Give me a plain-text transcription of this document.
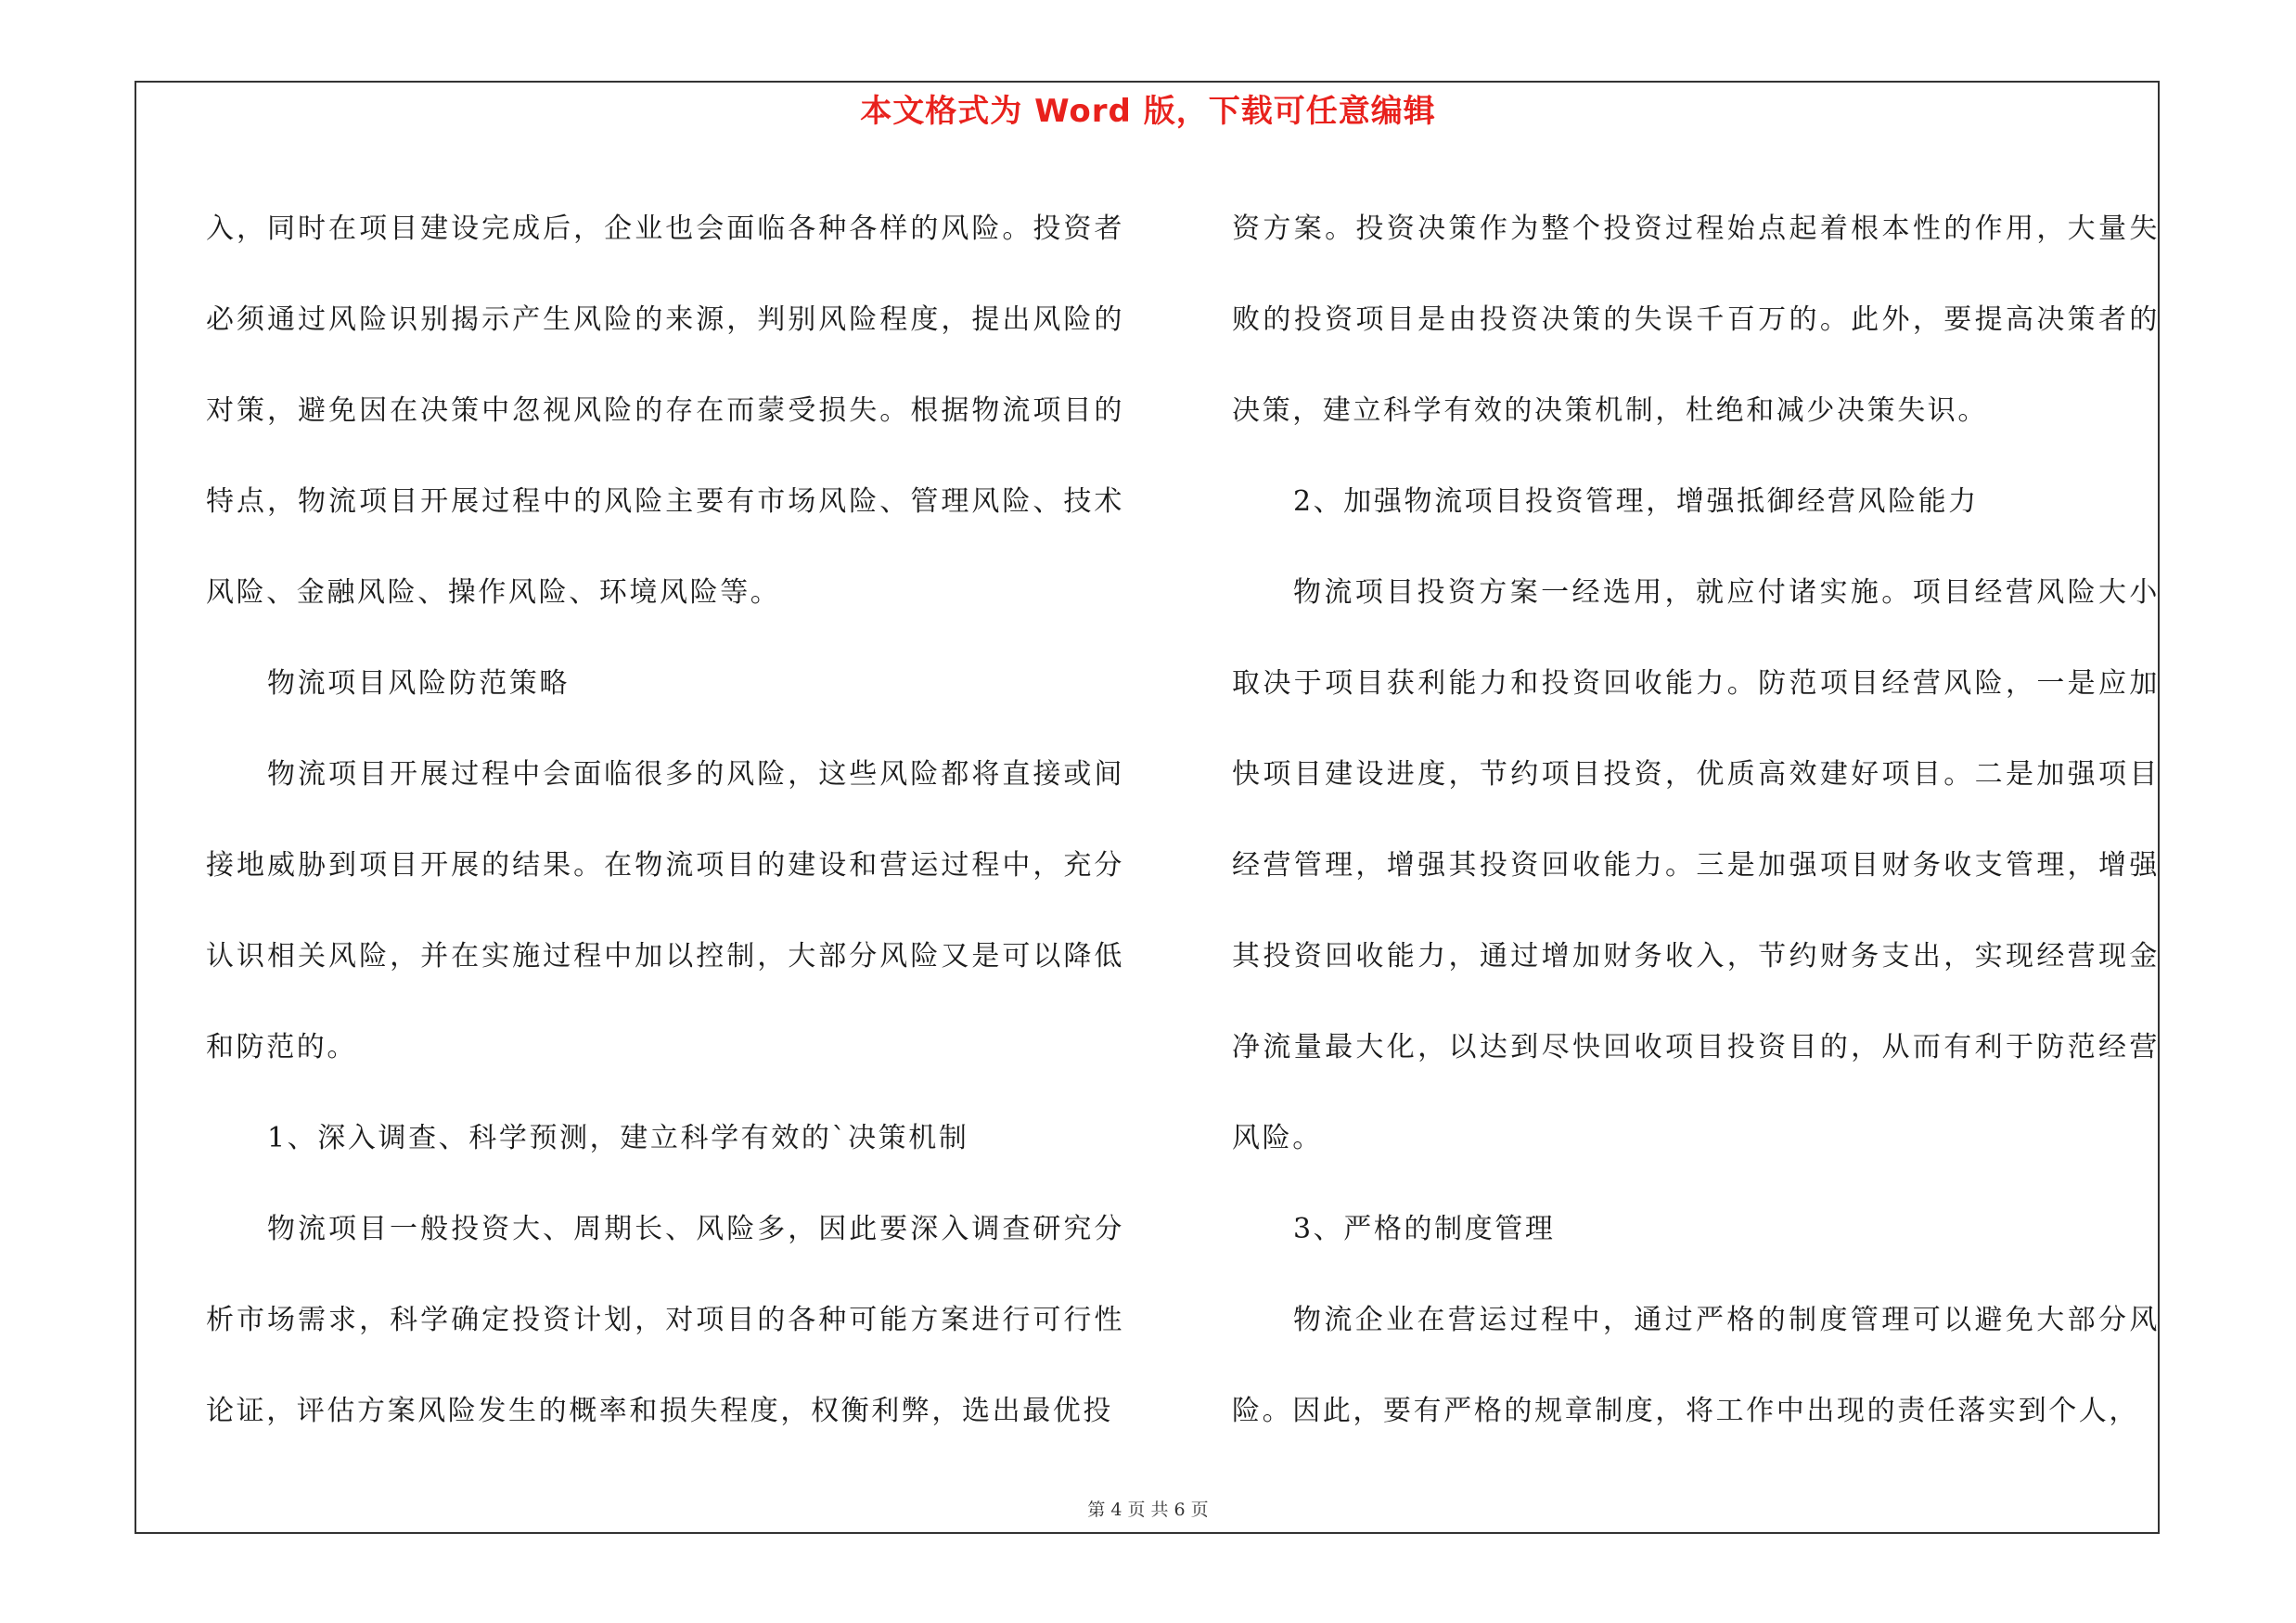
本文格式为 Word 版，下载可任意编辑

入，同时在项目建设完成后，企业也会面临各种各样的风险。投资者必须通过风险识别揭示产生风险的来源，判别风险程度，提出风险的对策，避免因在决策中忽视风险的存在而蒙受损失。根据物流项目的特点，物流项目开展过程中的风险主要有市场风险、管理风险、技术风险、金融风险、操作风险、环境风险等。

物流项目风险防范策略

物流项目开展过程中会面临很多的风险，这些风险都将直接或间接地威胁到项目开展的结果。在物流项目的建设和营运过程中，充分认识相关风险，并在实施过程中加以控制，大部分风险又是可以降低和防范的。

1、深入调查、科学预测，建立科学有效的`决策机制

物流项目一般投资大、周期长、风险多，因此要深入调查研究分析市场需求，科学确定投资计划，对项目的各种可能方案进行可行性论证，评估方案风险发生的概率和损失程度，权衡利弊，选出最优投

资方案。投资决策作为整个投资过程始点起着根本性的作用，大量失败的投资项目是由投资决策的失误千百万的。此外，要提高决策者的决策，建立科学有效的决策机制，杜绝和减少决策失识。

2、加强物流项目投资管理，增强抵御经营风险能力

物流项目投资方案一经选用，就应付诸实施。项目经营风险大小取决于项目获利能力和投资回收能力。防范项目经营风险，一是应加快项目建设进度，节约项目投资，优质高效建好项目。二是加强项目经营管理，增强其投资回收能力。三是加强项目财务收支管理，增强其投资回收能力，通过增加财务收入，节约财务支出，实现经营现金净流量最大化，以达到尽快回收项目投资目的，从而有利于防范经营风险。

3、严格的制度管理

物流企业在营运过程中，通过严格的制度管理可以避免大部分风险。因此，要有严格的规章制度，将工作中出现的责任落实到个人，

第 4 页 共 6 页
